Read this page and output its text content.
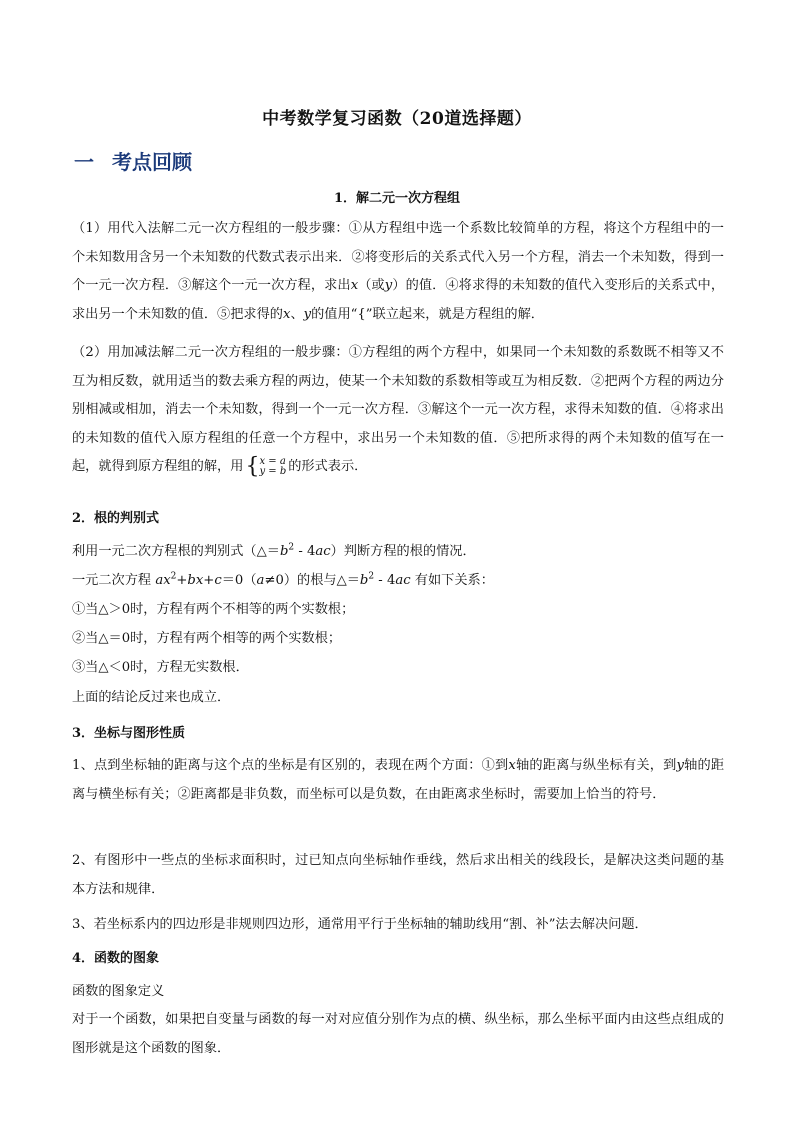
中考数学复习函数（20道选择题）
一 考点回顾
1．解二元一次方程组
（1）用代入法解二元一次方程组的一般步骤：①从方程组中选一个系数比较简单的方程，将这个方程组中的一个未知数用含另一个未知数的代数式表示出来．②将变形后的关系式代入另一个方程，消去一个未知数，得到一个一元一次方程．③解这个一元一次方程，求出x（或y）的值．④将求得的未知数的值代入变形后的关系式中，求出另一个未知数的值．⑤把求得的x、y的值用“{”联立起来，就是方程组的解．
（2）用加减法解二元一次方程组的一般步骤：①方程组的两个方程中，如果同一个未知数的系数既不相等又不互为相反数，就用适当的数去乘方程的两边，使某一个未知数的系数相等或互为相反数．②把两个方程的两边分别相减或相加，消去一个未知数，得到一个一元一次方程．③解这个一元一次方程，求得未知数的值．④将求出的未知数的值代入原方程组的任意一个方程中，求出另一个未知数的值．⑤把所求得的两个未知数的值写在一起，就得到原方程组的解，用{x = a
y = b 的形式表示．
2．根的判别式
利用一元二次方程根的判别式$(\triangle=b^2 - 4ac)$判断方程的根的情况．
一元二次方程 $ax^2+bx+c=0(a\ne 0)$的根与$\triangle=b^2 - 4ac$ 有如下关系：
①当△＞0时，方程有两个不相等的两个实数根；
②当△＝0时，方程有两个相等的两个实数根；
③当△＜0时，方程无实数根．
上面的结论反过来也成立．
3．坐标与图形性质
1、点到坐标轴的距离与这个点的坐标是有区别的，表现在两个方面：①到x轴的距离与纵坐标有关，到y轴的距离与横坐标有关；②距离都是非负数，而坐标可以是负数，在由距离求坐标时，需要加上恰当的符号．
2、有图形中一些点的坐标求面积时，过已知点向坐标轴作垂线，然后求出相关的线段长，是解决这类问题的基本方法和规律．
3、若坐标系内的四边形是非规则四边形，通常用平行于坐标轴的辅助线用“割、补”法去解决问题．
4．函数的图象
函数的图象定义
对于一个函数，如果把自变量与函数的每一对对应值分别作为点的横、纵坐标，那么坐标平面内由这些点组成的图形就是这个函数的图象．
